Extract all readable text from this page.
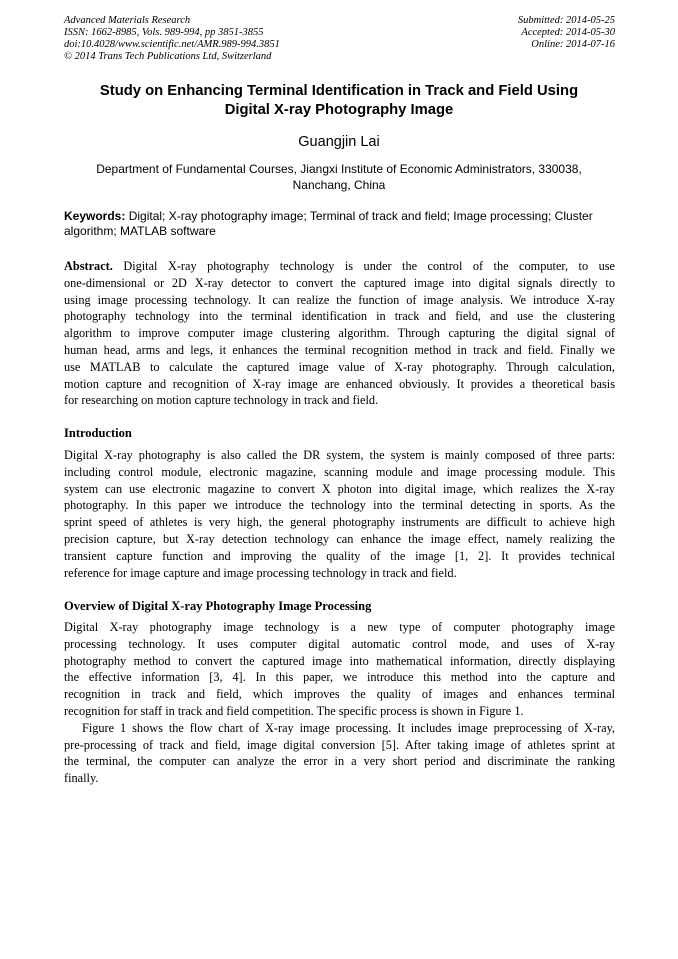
Advanced Materials Research
ISSN: 1662-8985, Vols. 989-994, pp 3851-3855
doi:10.4028/www.scientific.net/AMR.989-994.3851
© 2014 Trans Tech Publications Ltd, Switzerland
Submitted: 2014-05-25
Accepted: 2014-05-30
Online: 2014-07-16
Study on Enhancing Terminal Identification in Track and Field Using
Digital X-ray Photography Image
Guangjin Lai
Department of Fundamental Courses, Jiangxi Institute of Economic Administrators, 330038,
Nanchang, China
Keywords: Digital; X-ray photography image; Terminal of track and field; Image processing; Cluster
algorithm; MATLAB software
Abstract. Digital X-ray photography technology is under the control of the computer, to use
one-dimensional or 2D X-ray detector to convert the captured image into digital signals directly to
using image processing technology. It can realize the function of image analysis. We introduce X-ray
photography technology into the terminal identification in track and field, and use the clustering
algorithm to improve computer image clustering algorithm. Through capturing the digital signal of
human head, arms and legs, it enhances the terminal recognition method in track and field. Finally we
use MATLAB to calculate the captured image value of X-ray photography. Through calculation,
motion capture and recognition of X-ray image are enhanced obviously. It provides a theoretical basis
for researching on motion capture technology in track and field.
Introduction
Digital X-ray photography is also called the DR system, the system is mainly composed of three parts:
including control module, electronic magazine, scanning module and image processing module. This
system can use electronic magazine to convert X photon into digital image, which realizes the X-ray
photography. In this paper we introduce the technology into the terminal detecting in sports. As the
sprint speed of athletes is very high, the general photography instruments are difficult to achieve high
precision capture, but X-ray detection technology can enhance the image effect, namely realizing the
transient capture function and improving the quality of the image [1, 2]. It provides technical
reference for image capture and image processing technology in track and field.
Overview of Digital X-ray Photography Image Processing
Digital X-ray photography image technology is a new type of computer photography image
processing technology. It uses computer digital automatic control mode, and uses of X-ray
photography method to convert the captured image into mathematical information, directly displaying
the effective information [3, 4]. In this paper, we introduce this method into the capture and
recognition in track and field, which improves the quality of images and enhances terminal
recognition for staff in track and field competition. The specific process is shown in Figure 1.
Figure 1 shows the flow chart of X-ray image processing. It includes image preprocessing of X-ray,
pre-processing of track and field, image digital conversion [5]. After taking image of athletes sprint at
the terminal, the computer can analyze the error in a very short period and discriminate the ranking
finally.
